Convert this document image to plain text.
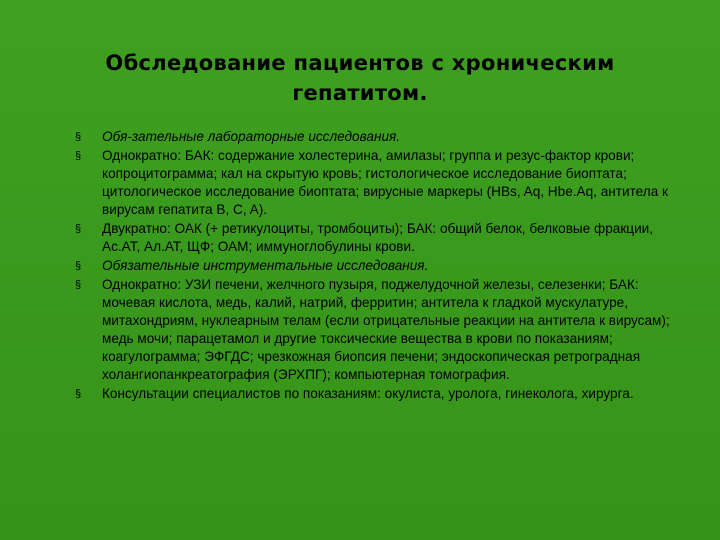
Обследование пациентов с хроническим
гепатитом.
§ Обя-зательные лабораторные исследования.
§ Однократно: БАК: содержание холестерина, амилазы; группа и резус-фактор крови; копроцитограмма; кал на скрытую кровь; гистологическое исследование биоптата; цитологическое исследование биоптата; вирусные маркеры (HBs, Aq, Hbe.Aq, антитела к вирусам гепатита B, C, A).
§ Двукратно: ОАК (+ ретикулоциты, тромбоциты); БАК: общий белок, белковые фракции, Ac.AT, Ал.АТ, ЩФ; ОАМ; иммуноглобулины крови.
§ Обязательные инструментальные исследования.
§ Однократно: УЗИ печени, желчного пузыря, поджелудочной железы, селезенки; БАК: мочевая кислота, медь, калий, натрий, ферритин; антитела к гладкой мускулатуре, митахондриям, нуклеарным телам (если отрицательные реакции на антитела к вирусам); медь мочи; парацетамол и другие токсические вещества в крови по показаниям; коагулограмма; ЭФГДС; чрезкожная биопсия печени; эндоскопическая ретроградная холангиопанкреатография (ЭРХПГ); компьютерная томография.
§ Консультации специалистов по показаниям: окулиста, уролога, гинеколога, хирурга.
